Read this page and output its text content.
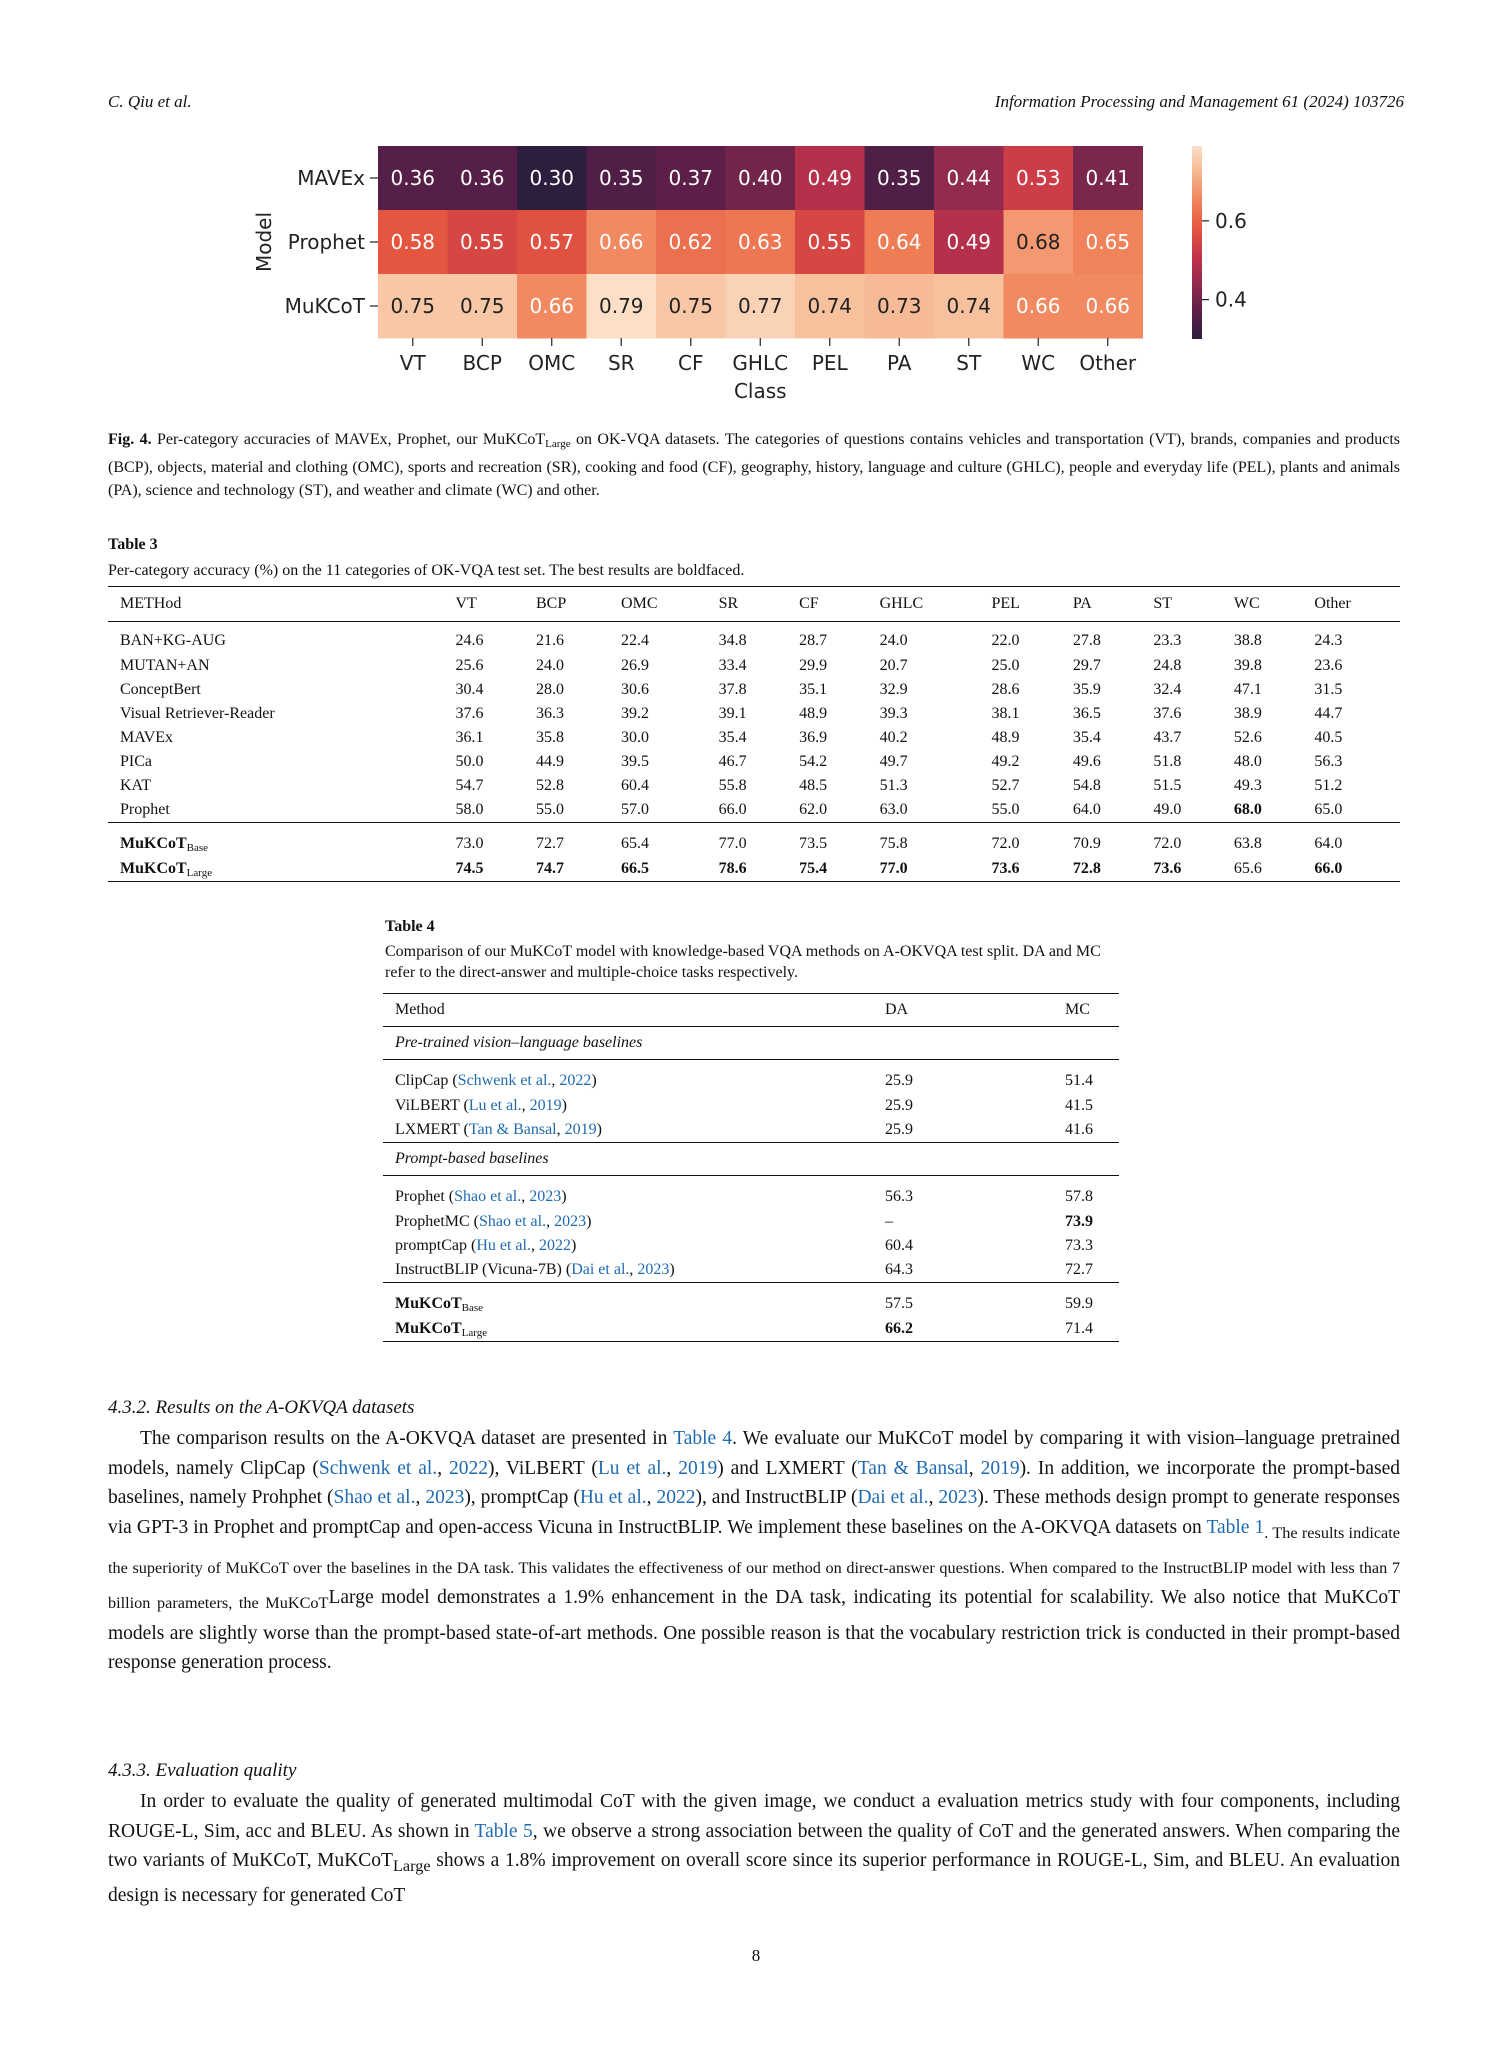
C. Qiu et al.	Information Processing and Management 61 (2024) 103726
0.36 0.36 0.30 0.35 0.37 0.40 0.49 0.35 0.44 0.53 0.41
0.58 0.55 0.57 0.66 0.62 0.63 0.55 0.64 0.49 0.68 0.65
0.75 0.75 0.66 0.79 0.75 0.77 0.74 0.73 0.74 0.66 0.66
MAVEx
Prophet
MuKCoT
VT BCP OMC SR CF GHLC PEL PA ST WC Other
Class
Model	0.6
0.4
Fig. 4. Per-category accuracies of MAVEx, Prophet, our MuKCoT$_{Large}$ on OK-VQA datasets. The categories of questions contains vehicles and transportation (VT), brands, companies and products (BCP), objects, material and clothing (OMC), sports and recreation (SR), cooking and food (CF), geography, history, language and culture (GHLC), people and everyday life (PEL), plants and animals (PA), science and technology (ST), and weather and climate (WC) and other.
Table 3
Per-category accuracy (%) on the 11 categories of OK-VQA test set. The best results are boldfaced.
METHod	VT	BCP	OMC	SR	CF	GHLC	PEL	PA	ST	WC	Other
BAN+KG-AUG	24.6	21.6	22.4	34.8	28.7	24.0	22.0	27.8	23.3	38.8	24.3
MUTAN+AN	25.6	24.0	26.9	33.4	29.9	20.7	25.0	29.7	24.8	39.8	23.6
ConceptBert	30.4	28.0	30.6	37.8	35.1	32.9	28.6	35.9	32.4	47.1	31.5
Visual Retriever-Reader	37.6	36.3	39.2	39.1	48.9	39.3	38.1	36.5	37.6	38.9	44.7
MAVEx	36.1	35.8	30.0	35.4	36.9	40.2	48.9	35.4	43.7	52.6	40.5
PICa	50.0	44.9	39.5	46.7	54.2	49.7	49.2	49.6	51.8	48.0	56.3
KAT	54.7	52.8	60.4	55.8	48.5	51.3	52.7	54.8	51.5	49.3	51.2
Prophet	58.0	55.0	57.0	66.0	62.0	63.0	55.0	64.0	49.0	68.0	65.0
MuKCoT$_{Base}$	73.0	72.7	65.4	77.0	73.5	75.8	72.0	70.9	72.0	63.8	64.0
MuKCoT$_{Large}$	74.5	74.7	66.5	78.6	75.4	77.0	73.6	72.8	73.6	65.6	66.0
Table 4
Comparison of our MuKCoT model with knowledge-based VQA methods on A-OKVQA test split. DA and MC refer to the direct-answer and multiple-choice tasks respectively.
Method	DA	MC
Pre-trained vision–language baselines		
ClipCap (Schwenk et al., 2022)	25.9	51.4
ViLBERT (Lu et al., 2019)	25.9	41.5
LXMERT (Tan & Bansal, 2019)	25.9	41.6
Prompt-based baselines		
Prophet (Shao et al., 2023)	56.3	57.8
ProphetMC (Shao et al., 2023)	–	73.9
promptCap (Hu et al., 2022)	60.4	73.3
InstructBLIP (Vicuna-7B) (Dai et al., 2023)	64.3	72.7
MuKCoT$_{Base}$	57.5	59.9
MuKCoT$_{Large}$	66.2	71.4
4.3.2. Results on the A-OKVQA datasets
The comparison results on the A-OKVQA dataset are presented in Table 4. We evaluate our MuKCoT model by comparing it with vision–language pretrained models, namely ClipCap (Schwenk et al., 2022), ViLBERT (Lu et al., 2019) and LXMERT (Tan & Bansal, 2019). In addition, we incorporate the prompt-based baselines, namely Prohphet (Shao et al., 2023), promptCap (Hu et al., 2022), and InstructBLIP (Dai et al., 2023). These methods design prompt to generate responses via GPT-3 in Prophet and promptCap and open-access Vicuna in InstructBLIP. We implement these baselines on the A-OKVQA datasets on Table $1_{. The results indicate the superiority of MuKCoT over the baselines in the DA task. This validates the effectiveness of our method on direct-answer questions. When compared to the InstructBLIP model with less than 7 billion parameters, the MuKCoT}Large$ model demonstrates a 1.9% enhancement in the DA task, indicating its potential for scalability. We also notice that MuKCoT models are slightly worse than the prompt-based state-of-art methods. One possible reason is that the vocabulary restriction trick is conducted in their prompt-based response generation process.
4.3.3. Evaluation quality
In order to evaluate the quality of generated multimodal CoT with the given image, we conduct a evaluation metrics study with four components, including ROUGE-L, Sim, acc and BLEU. As shown in Table 5, we observe a strong association between the quality of CoT and the generated answers. When comparing the two variants of MuKCoT, MuKCoT$_{Large}$ shows a 1.8% improvement on overall score since its superior performance in ROUGE-L, Sim, and BLEU. An evaluation design is necessary for generated CoT
8
